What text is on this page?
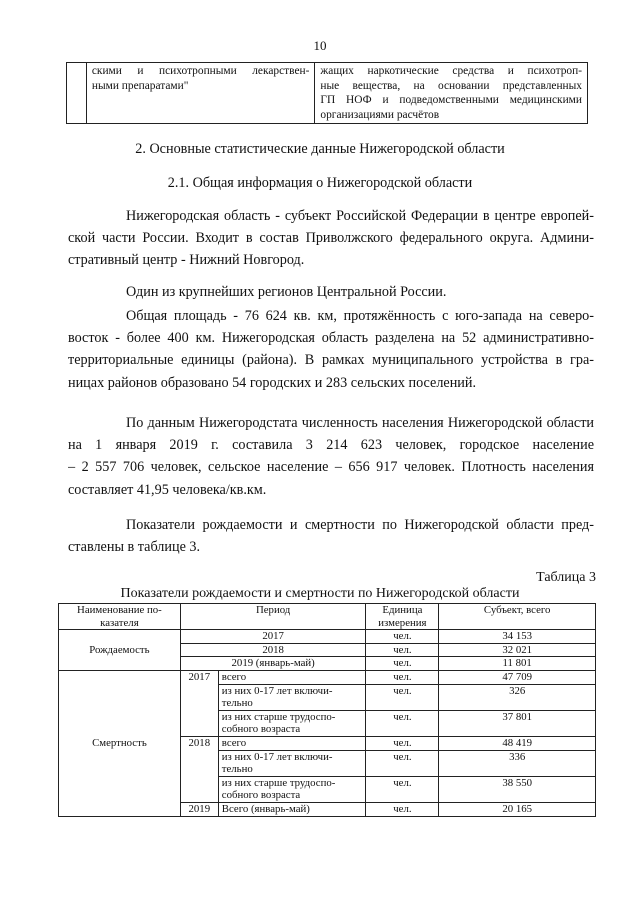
10

скими и психотропными лекарствен-
ными препаратами"

жащих наркотические средства и психотроп-
ные вещества, на основании представленных
ГП НОФ и подведомственными медицинскими
организациями расчётов
2. Основные статистические данные Нижегородской области
2.1. Общая информация о Нижегородской области
Нижегородская область - субъект Российской Федерации в центре европей-
ской части России. Входит в состав Приволжского федерального округа. Админи-
стративный центр - Нижний Новгород.
Один из крупнейших регионов Центральной России.
Общая площадь - 76 624 кв. км, протяжённость с юго-запада на северо-
восток - более 400 км. Нижегородская область разделена на 52 административно-
территориальные единицы (района). В рамках муниципального устройства в гра-
ницах районов образовано 54 городских и 283 сельских поселений.
По данным Нижегородстата численность населения Нижегородской области
на 1 января 2019 г. составила 3 214 623 человек, городское население
– 2 557 706 человек, сельское население – 656 917 человек. Плотность населения
составляет 41,95 человека/кв.км.
Показатели рождаемости и смертности по Нижегородской области пред-
ставлены в таблице 3.
Таблица 3
Показатели рождаемости и смертности по Нижегородской области
Наименование по-казателя	Период		Единица измерения	Субъект, всего
Рождаемость	2017		чел.	34 153
	2018		чел.	32 021
	2019 (январь-май)		чел.	11 801
Смертность	2017	всего	чел.	47 709
		из них 0-17 лет включи-тельно	чел.	326
		из них старше трудоспо-собного возраста	чел.	37 801
	2018	всего	чел.	48 419
		из них 0-17 лет включи-тельно	чел.	336
		из них старше трудоспо-собного возраста	чел.	38 550
	2019	Всего (январь-май)	чел.	20 165
